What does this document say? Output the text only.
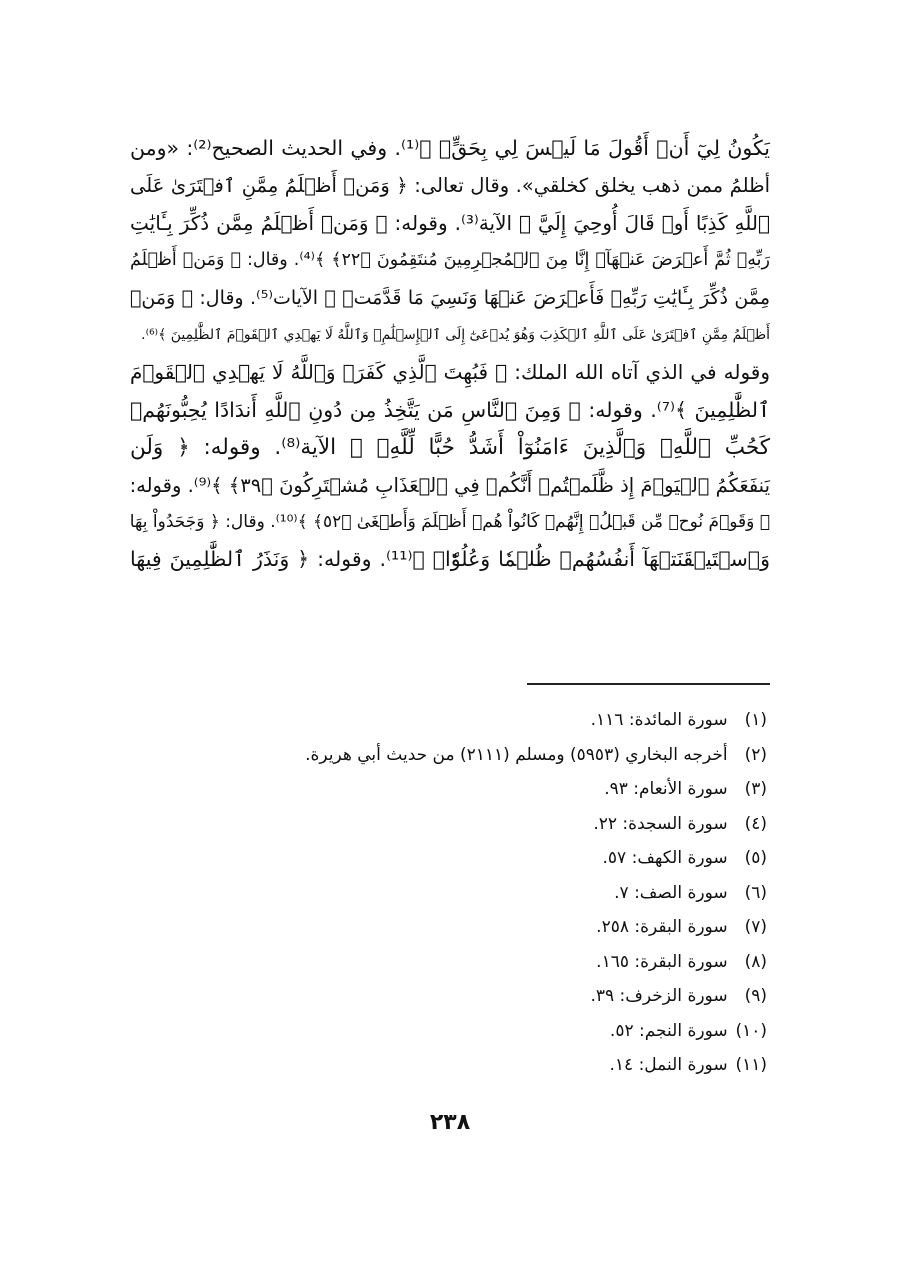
يَكُونُ لِيٓ أَنۡ أَقُولَ مَا لَيۡسَ لِي بِحَقٍّۚ ﴾⁽¹⁾. وفي الحديث الصحيح⁽²⁾: «ومن
أظلمُ ممن ذهب يخلق كخلقي». وقال تعالى: ﴿ وَمَنۡ أَظۡلَمُ مِمَّنِ ٱفۡتَرَىٰ عَلَى
ٱللَّهِ كَذِبًا أَوۡ قَالَ أُوحِيَ إِلَيَّ ﴾ الآية⁽³⁾. وقوله: ﴿ وَمَنۡ أَظۡلَمُ مِمَّن ذُكِّرَ بِـَٔايَٰتِ
رَبِّهِۦ ثُمَّ أَعۡرَضَ عَنۡهَآۚ إِنَّا مِنَ ٱلۡمُجۡرِمِينَ مُنتَقِمُونَ ﴿٢٢﴾ ﴾⁽⁴⁾. وقال: ﴿ وَمَنۡ أَظۡلَمُ
مِمَّن ذُكِّرَ بِـَٔايَٰتِ رَبِّهِۦ فَأَعۡرَضَ عَنۡهَا وَنَسِيَ مَا قَدَّمَتۡ ﴾ الآيات⁽⁵⁾. وقال: ﴿ وَمَنۡ
أَظۡلَمُ مِمَّنِ ٱفۡتَرَىٰ عَلَى ٱللَّهِ ٱلۡكَذِبَ وَهُوَ يُدۡعَىٰٓ إِلَى ٱلۡإِسۡلَٰمِۚ وَٱللَّهُ لَا يَهۡدِي ٱلۡقَوۡمَ ٱلظَّٰلِمِينَ ﴾⁽⁶⁾.
وقوله في الذي آتاه الله الملك: ﴿ فَبُهِتَ ٱلَّذِي كَفَرَۗ وَٱللَّهُ لَا يَهۡدِي ٱلۡقَوۡمَ
ٱلظَّٰلِمِينَ ﴾⁽⁷⁾. وقوله: ﴿ وَمِنَ ٱلنَّاسِ مَن يَتَّخِذُ مِن دُونِ ٱللَّهِ أَندَادًا يُحِبُّونَهُمۡ
كَحُبِّ ٱللَّهِۖ وَٱلَّذِينَ ءَامَنُوٓاْ أَشَدُّ حُبًّا لِّلَّهِۗ ﴾ الآية⁽⁸⁾. وقوله: ﴿ وَلَن
يَنفَعَكُمُ ٱلۡيَوۡمَ إِذ ظَّلَمۡتُمۡ أَنَّكُمۡ فِي ٱلۡعَذَابِ مُشۡتَرِكُونَ ﴿٣٩﴾ ﴾⁽⁹⁾. وقوله:
﴿ وَقَوۡمَ نُوحٖ مِّن قَبۡلُۖ إِنَّهُمۡ كَانُواْ هُمۡ أَظۡلَمَ وَأَطۡغَىٰ ﴿٥٢﴾ ﴾⁽¹⁰⁾. وقال: ﴿ وَجَحَدُواْ بِهَا
وَٱسۡتَيۡقَنَتۡهَآ أَنفُسُهُمۡ ظُلۡمٗا وَعُلُوّٗاۚ ﴾⁽¹¹⁾. وقوله: ﴿ وَنَذَرُ ٱلظَّٰلِمِينَ فِيهَا
(١) سورة المائدة: ١١٦.
(٢) أخرجه البخاري (٥٩٥٣) ومسلم (٢١١١) من حديث أبي هريرة.
(٣) سورة الأنعام: ٩٣.
(٤) سورة السجدة: ٢٢.
(٥) سورة الكهف: ٥٧.
(٦) سورة الصف: ٧.
(٧) سورة البقرة: ٢٥٨.
(٨) سورة البقرة: ١٦٥.
(٩) سورة الزخرف: ٣٩.
(١٠) سورة النجم: ٥٢.
(١١) سورة النمل: ١٤.
٢٣٨
